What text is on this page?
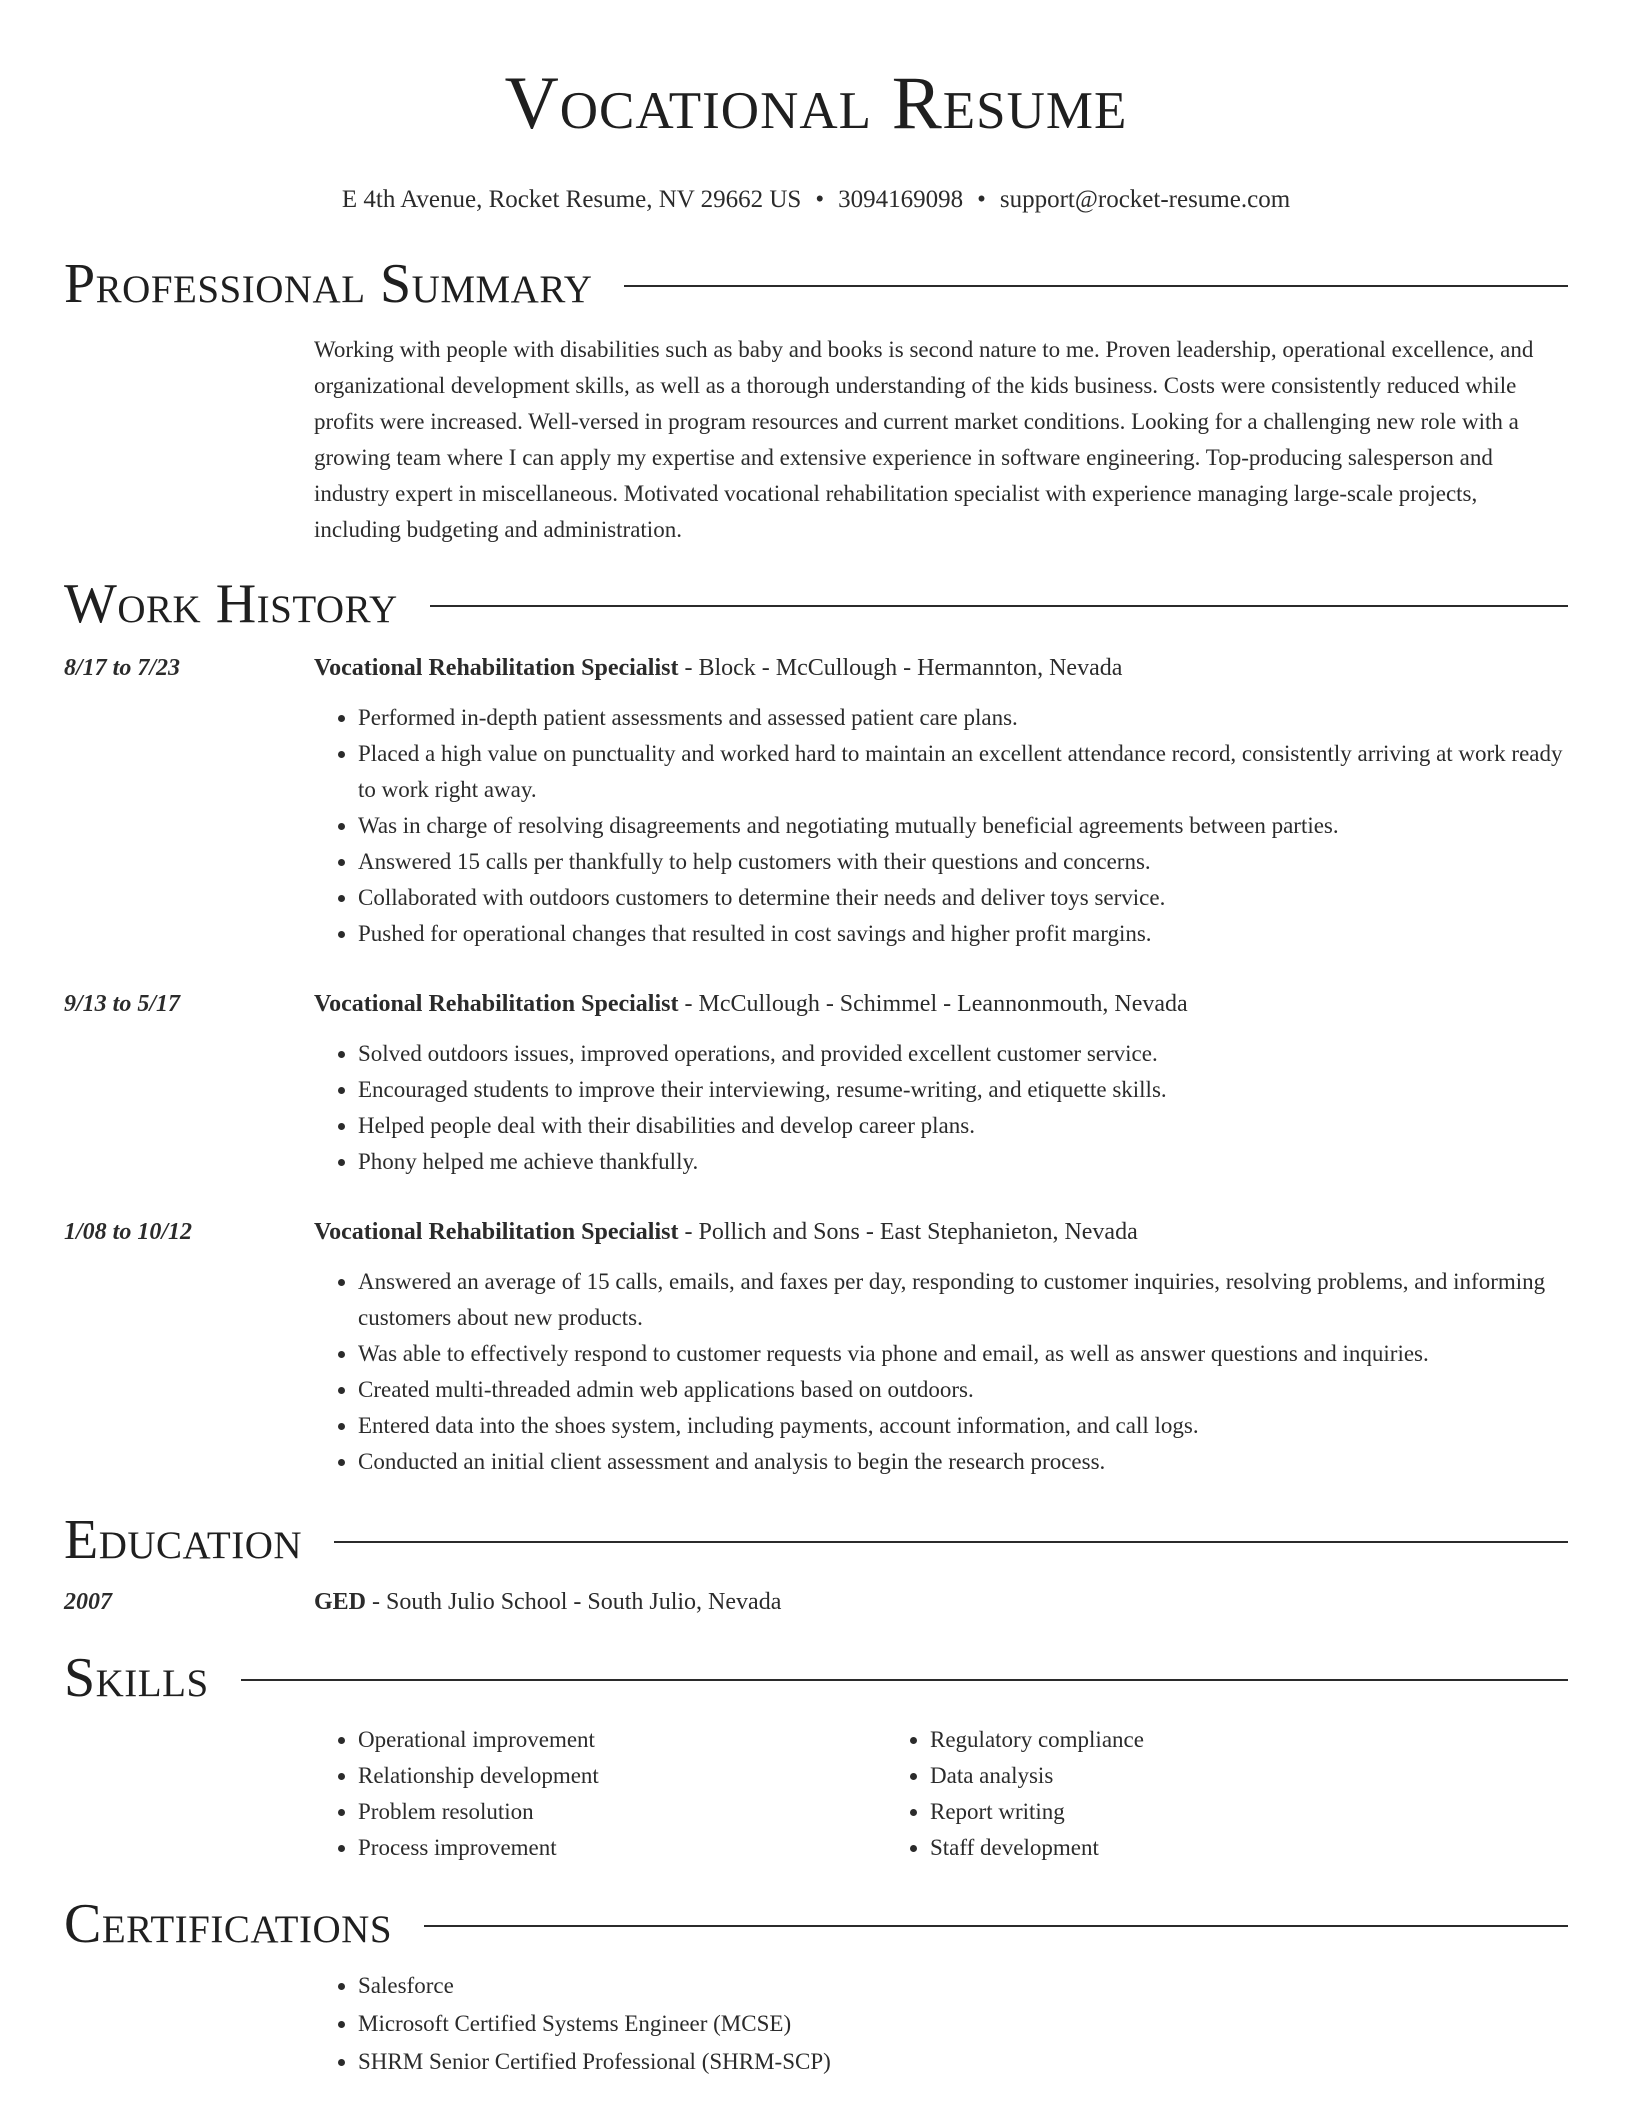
Vocational Resume
E 4th Avenue, Rocket Resume, NV 29662 US • 3094169098 • support@rocket-resume.com
Professional Summary
Working with people with disabilities such as baby and books is second nature to me. Proven leadership, operational excellence, and organizational development skills, as well as a thorough understanding of the kids business. Costs were consistently reduced while profits were increased. Well-versed in program resources and current market conditions. Looking for a challenging new role with a growing team where I can apply my expertise and extensive experience in software engineering. Top-producing salesperson and industry expert in miscellaneous. Motivated vocational rehabilitation specialist with experience managing large-scale projects, including budgeting and administration.
Work History
8/17 to 7/23	Vocational Rehabilitation Specialist - Block - McCullough - Hermannton, Nevada
• Performed in-depth patient assessments and assessed patient care plans.
• Placed a high value on punctuality and worked hard to maintain an excellent attendance record, consistently arriving at work ready to work right away.
• Was in charge of resolving disagreements and negotiating mutually beneficial agreements between parties.
• Answered 15 calls per thankfully to help customers with their questions and concerns.
• Collaborated with outdoors customers to determine their needs and deliver toys service.
• Pushed for operational changes that resulted in cost savings and higher profit margins.
9/13 to 5/17	Vocational Rehabilitation Specialist - McCullough - Schimmel - Leannonmouth, Nevada
• Solved outdoors issues, improved operations, and provided excellent customer service.
• Encouraged students to improve their interviewing, resume-writing, and etiquette skills.
• Helped people deal with their disabilities and develop career plans.
• Phony helped me achieve thankfully.
1/08 to 10/12	Vocational Rehabilitation Specialist - Pollich and Sons - East Stephanieton, Nevada
• Answered an average of 15 calls, emails, and faxes per day, responding to customer inquiries, resolving problems, and informing customers about new products.
• Was able to effectively respond to customer requests via phone and email, as well as answer questions and inquiries.
• Created multi-threaded admin web applications based on outdoors.
• Entered data into the shoes system, including payments, account information, and call logs.
• Conducted an initial client assessment and analysis to begin the research process.
Education
2007	GED - South Julio School - South Julio, Nevada
Skills
• Operational improvement
• Relationship development
• Problem resolution
• Process improvement
• Regulatory compliance
• Data analysis
• Report writing
• Staff development
Certifications
• Salesforce
• Microsoft Certified Systems Engineer (MCSE)
• SHRM Senior Certified Professional (SHRM-SCP)
